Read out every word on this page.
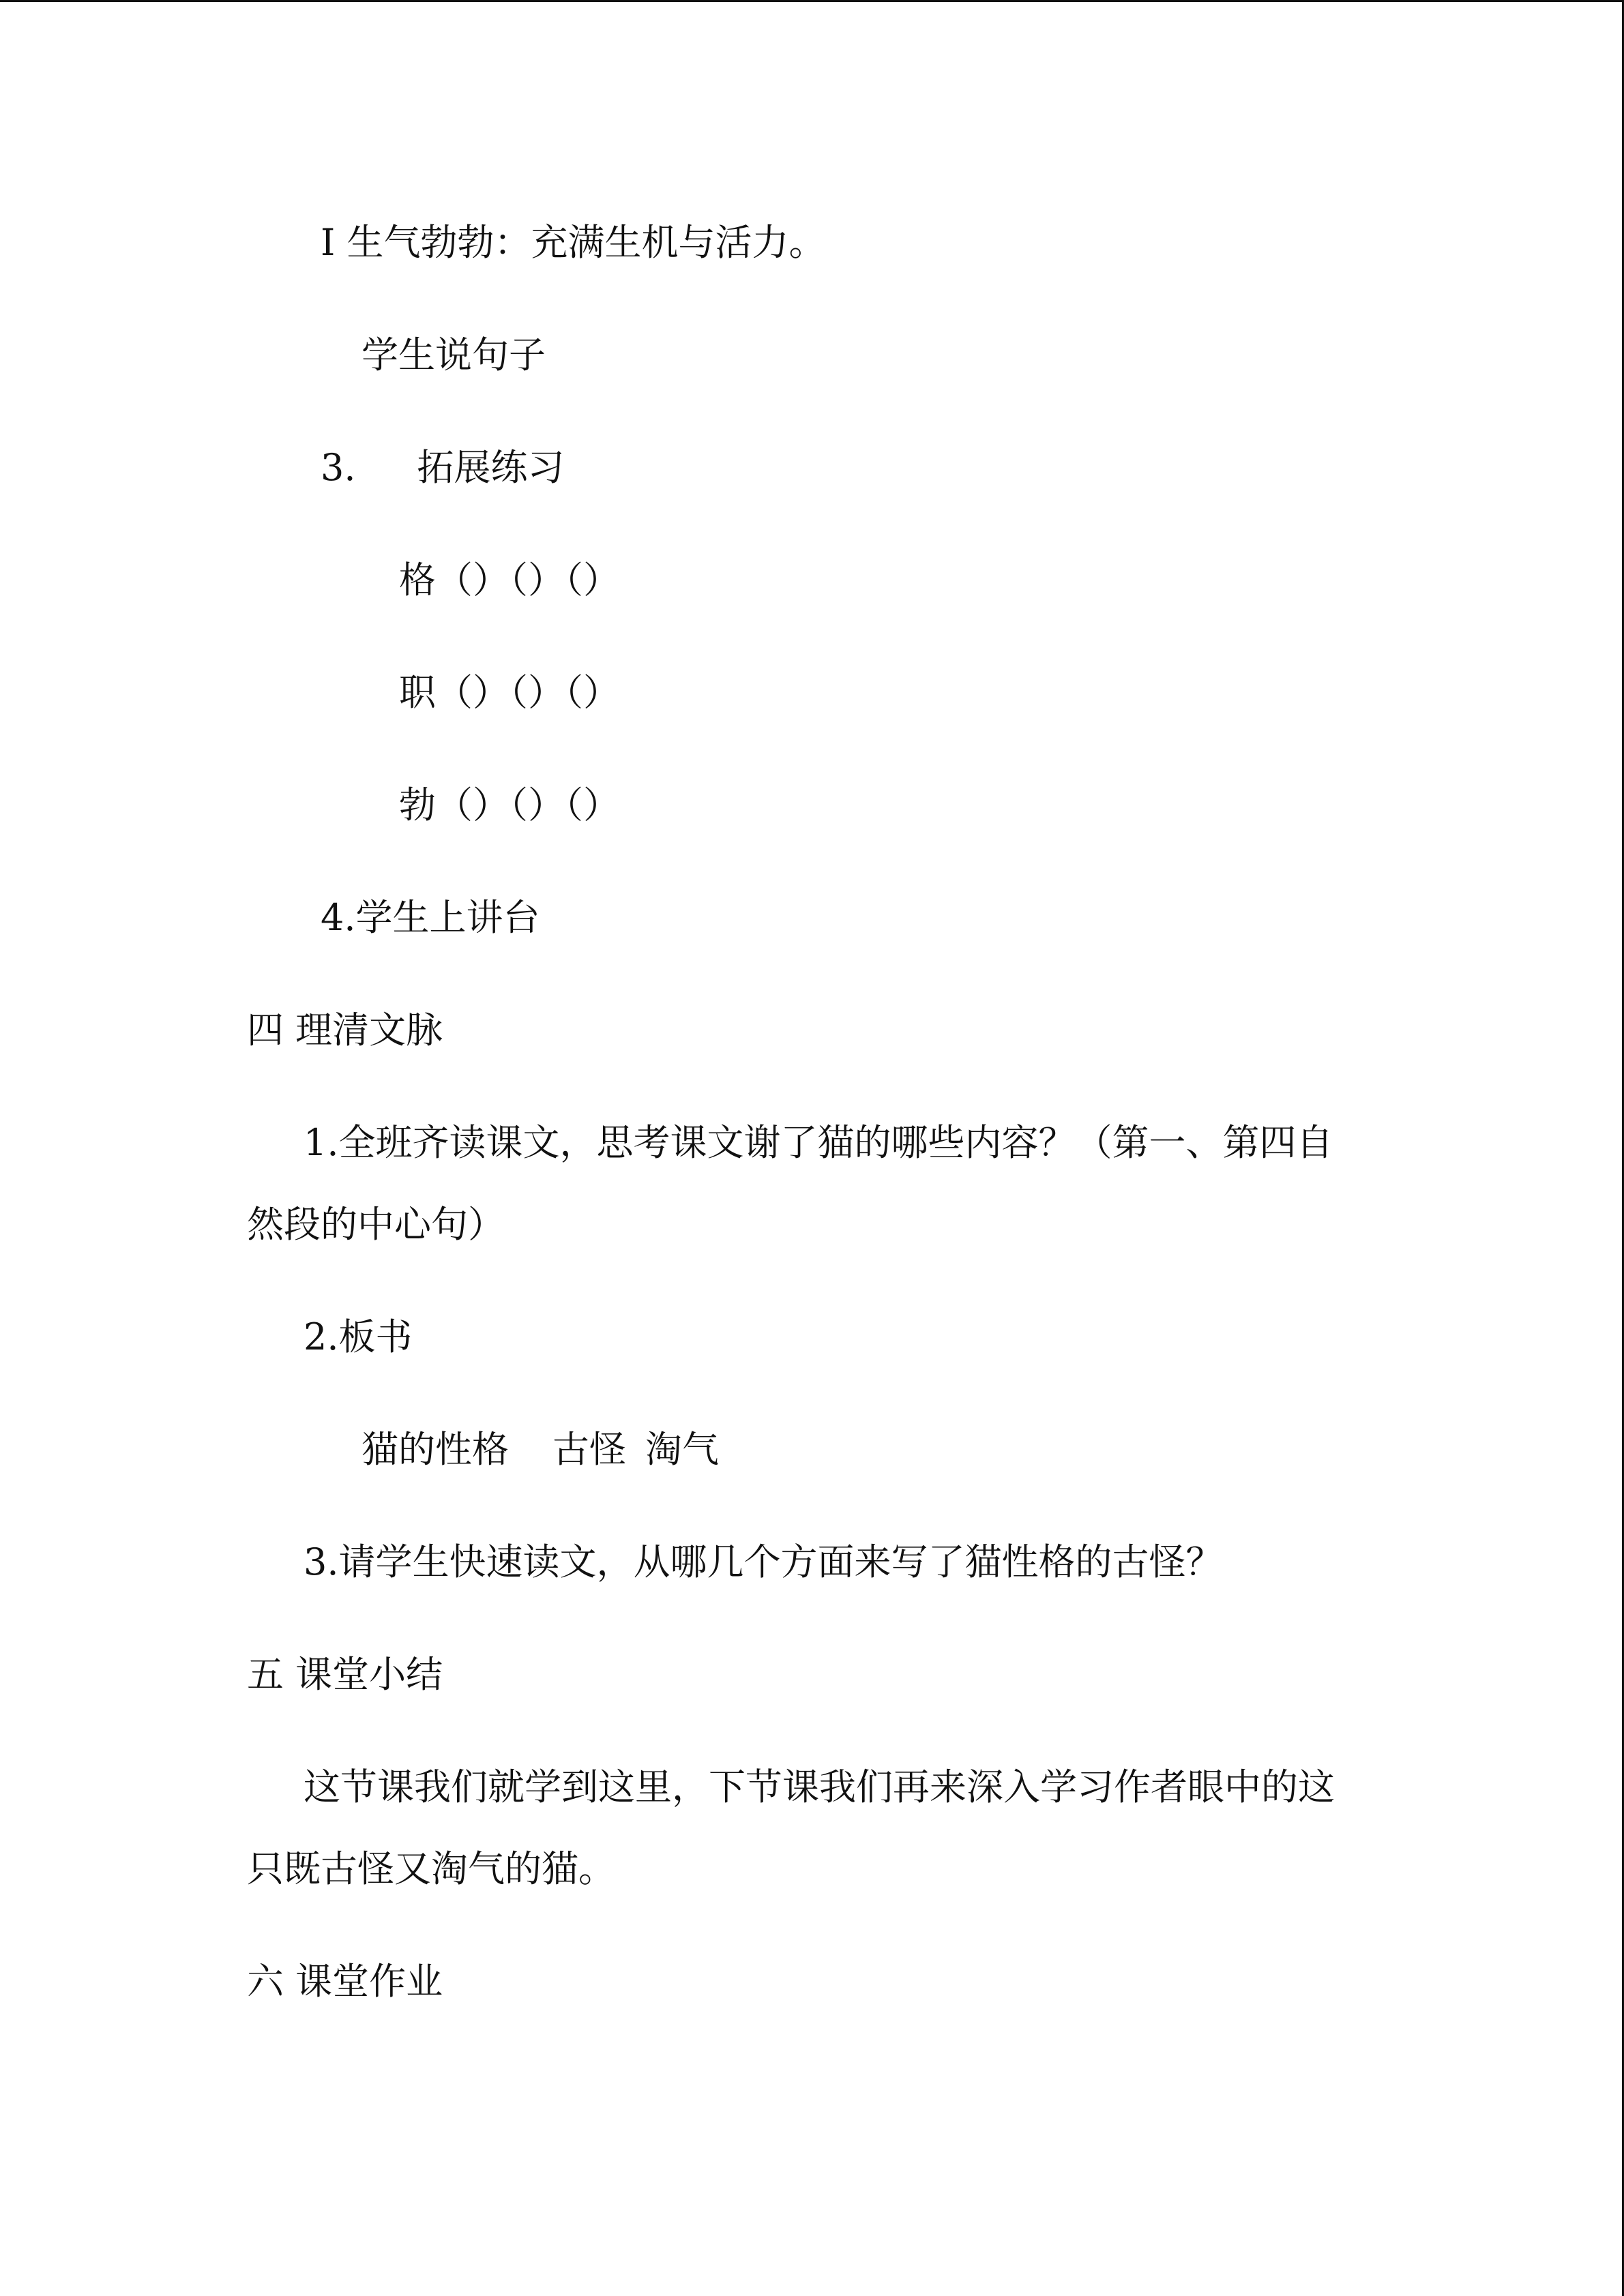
I 生气勃勃：充满生机与活力。

学生说句子

3. 拓展练习

格（）（）（）

职（）（）（）

勃（）（）（）

4.学生上讲台

四 理清文脉

1.全班齐读课文，思考课文谢了猫的哪些内容？（第一、第四自

然段的中心句）

2.板书

猫的性格 古怪 淘气

3.请学生快速读文，从哪几个方面来写了猫性格的古怪？

五 课堂小结

这节课我们就学到这里，下节课我们再来深入学习作者眼中的这

只既古怪又淘气的猫。

六 课堂作业
